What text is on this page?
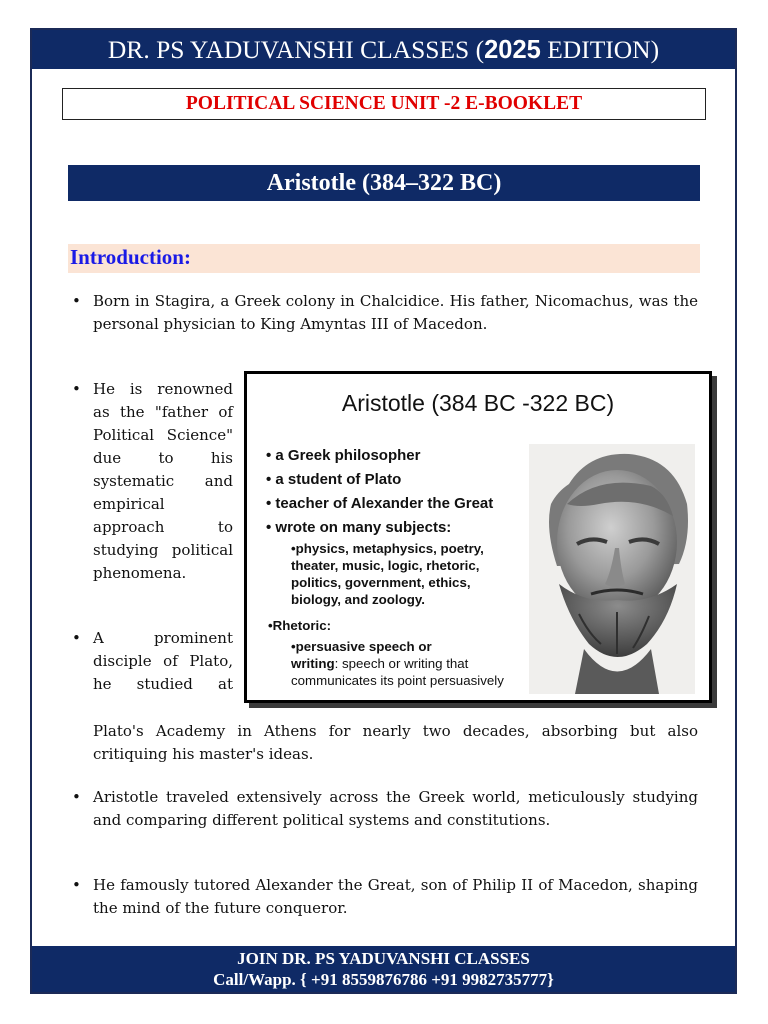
DR. PS YADUVANSHI CLASSES (2025 EDITION)
POLITICAL SCIENCE UNIT -2 E-BOOKLET
Aristotle (384–322 BC)
Introduction:
• Born in Stagira, a Greek colony in Chalcidice. His father, Nicomachus, was the personal physician to King Amyntas III of Macedon.
• He is renowned as the "father of Political Science" due to his systematic and empirical approach to studying political phenomena.
• A prominent disciple of Plato, he studied at
Plato's Academy in Athens for nearly two decades, absorbing but also critiquing his master's ideas.
• Aristotle traveled extensively across the Greek world, meticulously studying and comparing different political systems and constitutions.
• He famously tutored Alexander the Great, son of Philip II of Macedon, shaping the mind of the future conqueror.
Aristotle (384 BC -322 BC)
• a Greek philosopher
• a student of Plato
• teacher of Alexander the Great
• wrote on many subjects:
•physics, metaphysics, poetry,
theater, music, logic, rhetoric,
politics, government, ethics,
biology, and zoology.
•Rhetoric:
•persuasive speech or
writing: speech or writing that
communicates its point persuasively
JOIN DR. PS YADUVANSHI CLASSES
Call/Wapp. { +91 8559876786 +91 9982735777}
